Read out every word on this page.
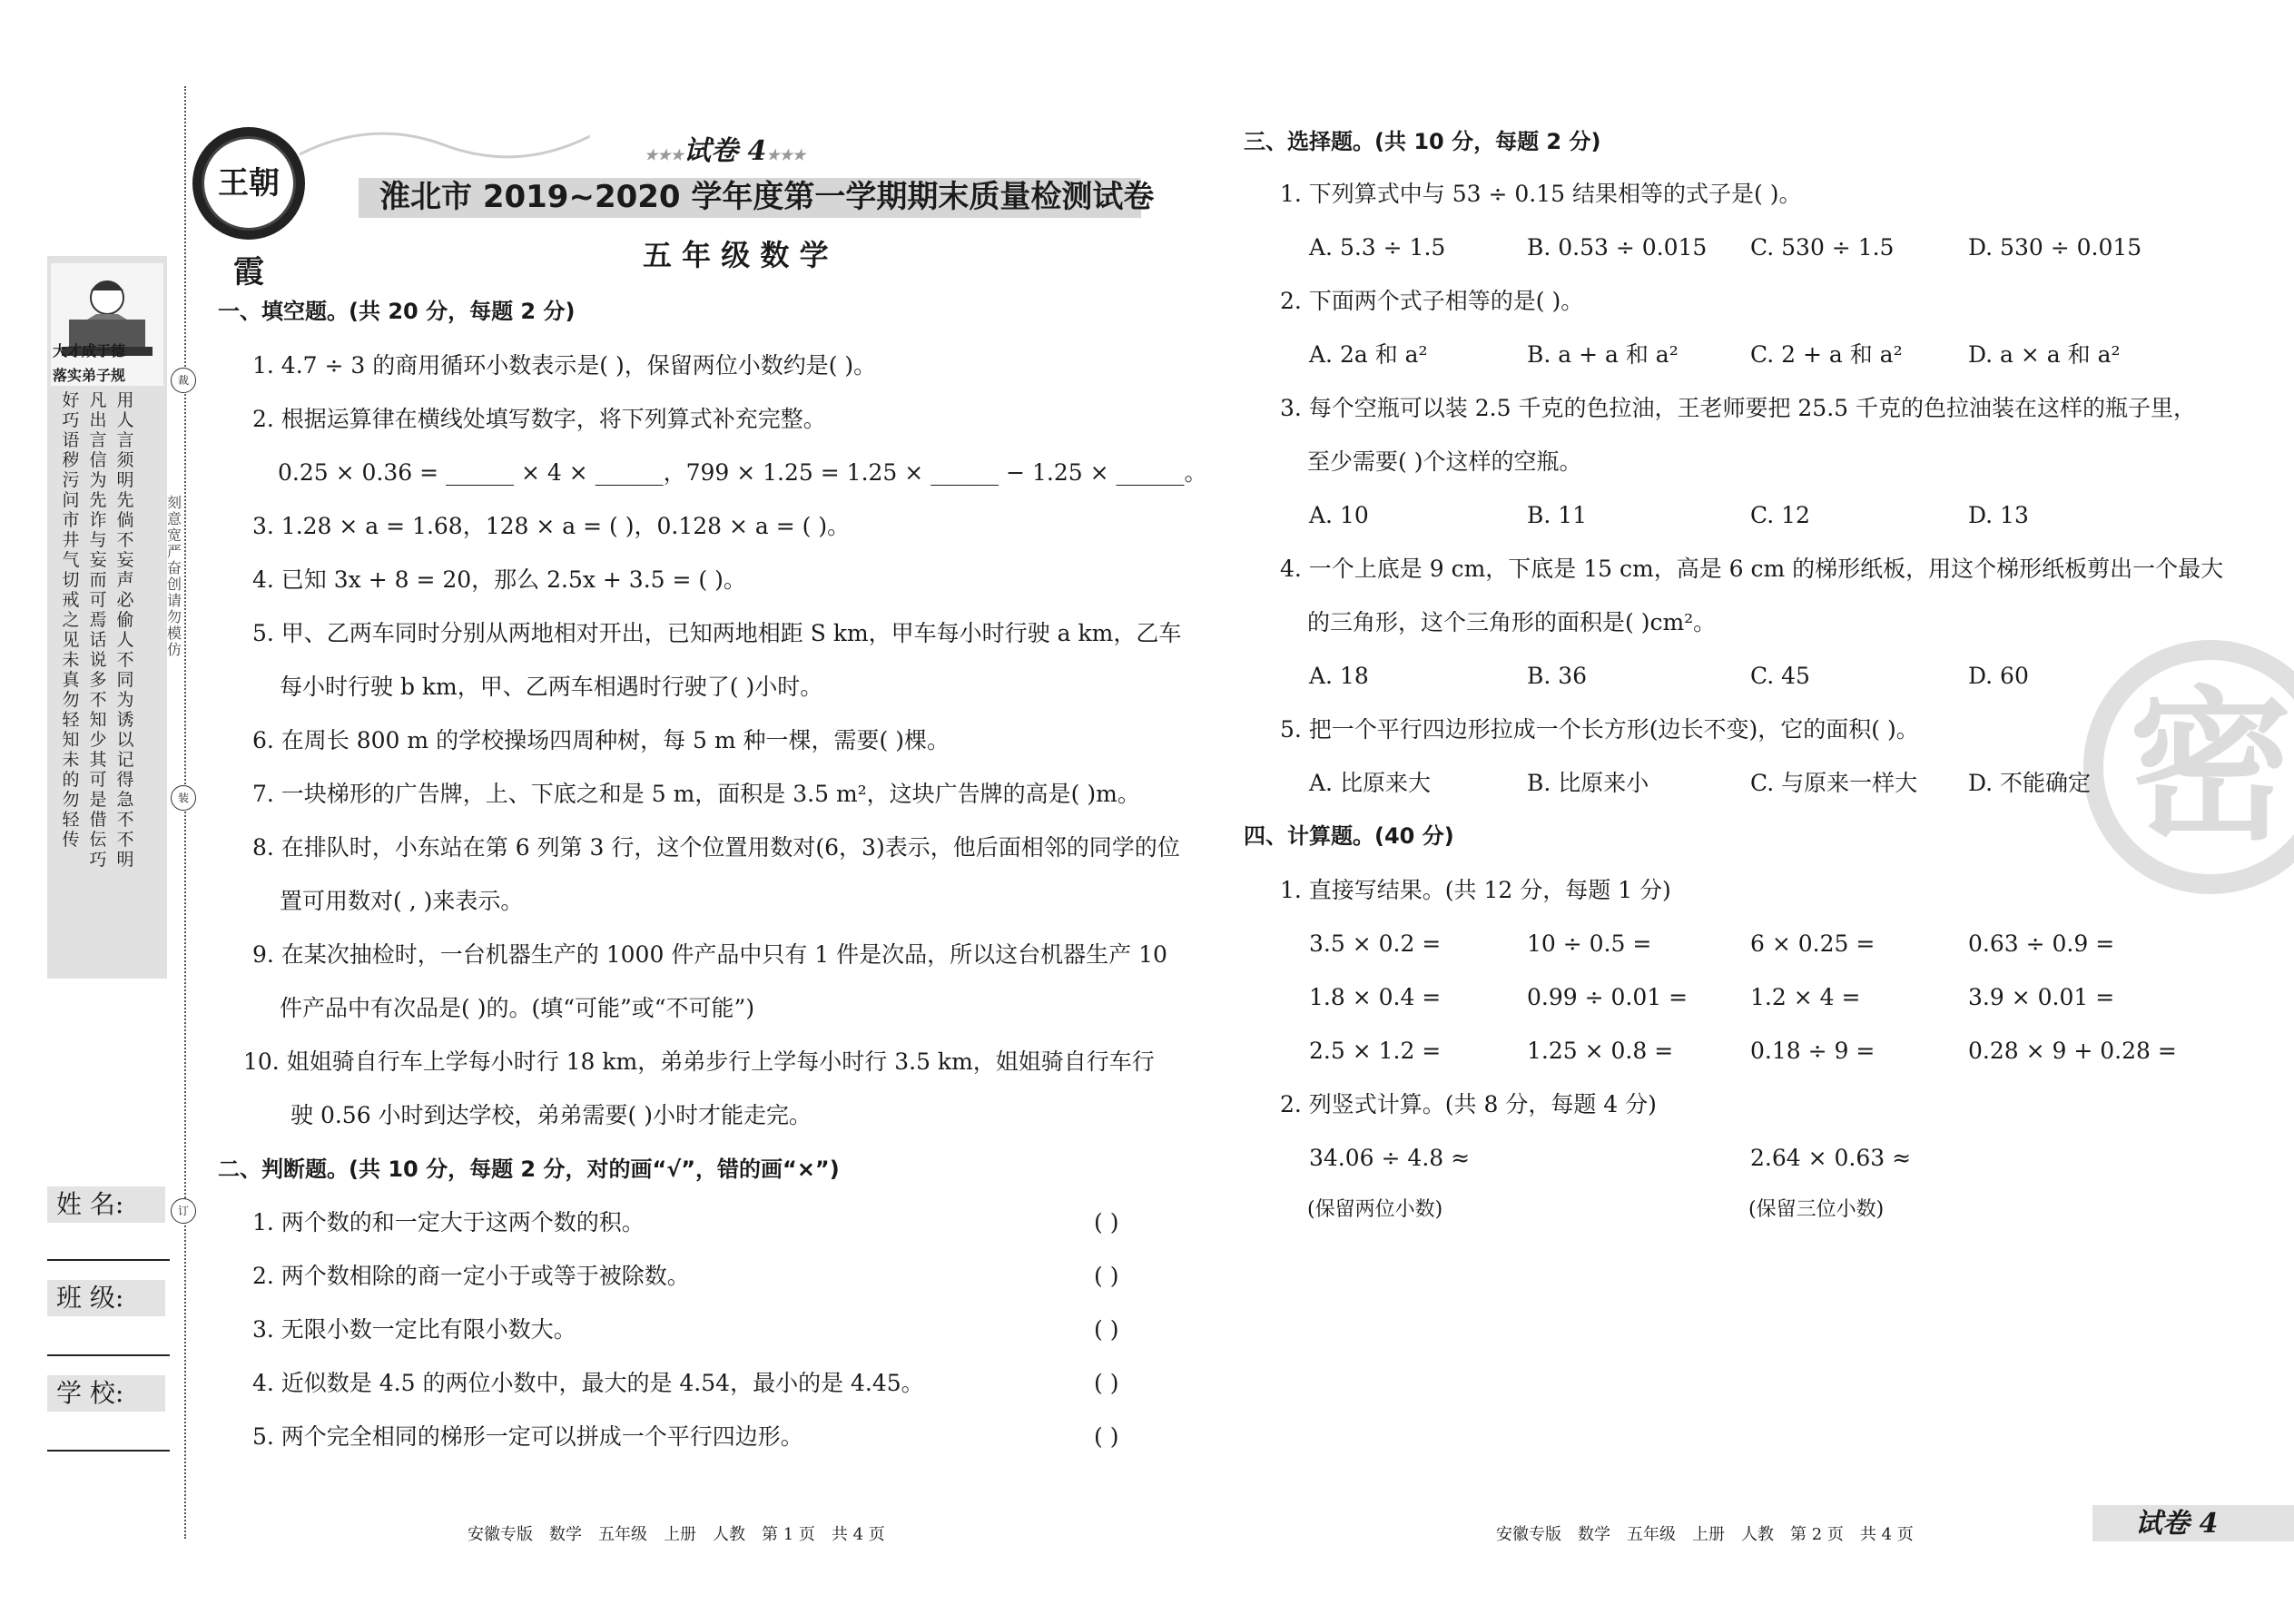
大才成于德
落实弟子规
好巧语秽污问市井气切戒之见未真勿轻知未的勿轻传
凡出言信为先诈与妄而可焉话说多不知少其可是借伝巧
用人言须明先倘不妄声必偷人不同为诱以记得急不不明
裁
刻意宽严奋创请勿模仿
装
订
姓 名:
班 级:
学 校:
王朝霞
★★★试卷 4★★★
淮北市 2019~2020 学年度第一学期期末质量检测试卷
五 年 级 数 学
一、填空题。(共 20 分，每题 2 分)
1. 4.7 ÷ 3 的商用循环小数表示是( )，保留两位小数约是( )。
2. 根据运算律在横线处填写数字，将下列算式补充完整。
0.25 × 0.36 = ______ × 4 × ______，799 × 1.25 = 1.25 × ______ − 1.25 × ______。
3. 1.28 × a = 1.68，128 × a = ( )，0.128 × a = ( )。
4. 已知 3x + 8 = 20，那么 2.5x + 3.5 = ( )。
5. 甲、乙两车同时分别从两地相对开出，已知两地相距 S km，甲车每小时行驶 a km，乙车
每小时行驶 b km，甲、乙两车相遇时行驶了( )小时。
6. 在周长 800 m 的学校操场四周种树，每 5 m 种一棵，需要( )棵。
7. 一块梯形的广告牌，上、下底之和是 5 m，面积是 3.5 m²，这块广告牌的高是( )m。
8. 在排队时，小东站在第 6 列第 3 行，这个位置用数对(6，3)表示，他后面相邻的同学的位
置可用数对( , )来表示。
9. 在某次抽检时，一台机器生产的 1000 件产品中只有 1 件是次品，所以这台机器生产 10
件产品中有次品是( )的。(填“可能”或“不可能”)
10. 姐姐骑自行车上学每小时行 18 km，弟弟步行上学每小时行 3.5 km，姐姐骑自行车行
驶 0.56 小时到达学校，弟弟需要( )小时才能走完。
二、判断题。(共 10 分，每题 2 分，对的画“√”，错的画“×”)
1. 两个数的和一定大于这两个数的积。	( )
2. 两个数相除的商一定小于或等于被除数。	( )
3. 无限小数一定比有限小数大。	( )
4. 近似数是 4.5 的两位小数中，最大的是 4.54，最小的是 4.45。	( )
5. 两个完全相同的梯形一定可以拼成一个平行四边形。	( )
密
三、选择题。(共 10 分，每题 2 分)
1. 下列算式中与 53 ÷ 0.15 结果相等的式子是( )。
A. 5.3 ÷ 1.5	B. 0.53 ÷ 0.015 C. 530 ÷ 1.5	D. 530 ÷ 0.015
2. 下面两个式子相等的是( )。
A. 2a 和 a²	B. a + a 和 a²	C. 2 + a 和 a²	D. a × a 和 a²
3. 每个空瓶可以装 2.5 千克的色拉油，王老师要把 25.5 千克的色拉油装在这样的瓶子里，
至少需要( )个这样的空瓶。
A. 10	B. 11	C. 12	D. 13
4. 一个上底是 9 cm，下底是 15 cm，高是 6 cm 的梯形纸板，用这个梯形纸板剪出一个最大
的三角形，这个三角形的面积是( )cm²。
A. 18	B. 36	C. 45	D. 60
5. 把一个平行四边形拉成一个长方形(边长不变)，它的面积( )。
A. 比原来大	B. 比原来小	C. 与原来一样大 D. 不能确定
四、计算题。(40 分)
1. 直接写结果。(共 12 分，每题 1 分)
3.5 × 0.2 =	10 ÷ 0.5 =	6 × 0.25 =	0.63 ÷ 0.9 =
1.8 × 0.4 =	0.99 ÷ 0.01 =	1.2 × 4 =	3.9 × 0.01 =
2.5 × 1.2 =	1.25 × 0.8 =	0.18 ÷ 9 =	0.28 × 9 + 0.28 =
2. 列竖式计算。(共 8 分，每题 4 分)
34.06 ÷ 4.8 ≈	2.64 × 0.63 ≈
(保留两位小数)	(保留三位小数)
安徽专版　数学　五年级　上册　人教　第 1 页　共 4 页	安徽专版　数学　五年级　上册　人教　第 2 页　共 4 页	试卷 4
